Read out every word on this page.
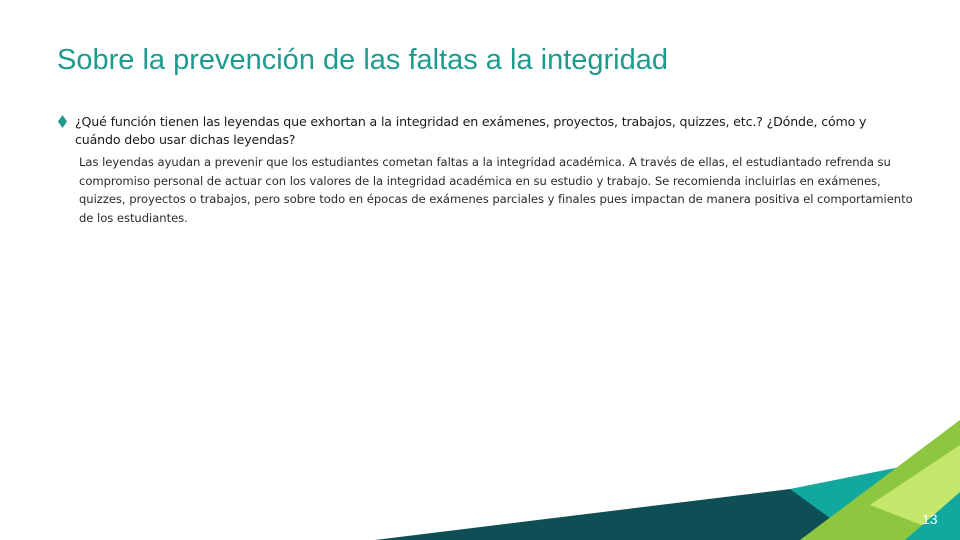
Sobre la prevención de las faltas a la integridad
¿Qué función tienen las leyendas que exhortan a la integridad en exámenes, proyectos, trabajos, quizzes, etc.? ¿Dónde, cómo y cuándo debo usar dichas leyendas?
Las leyendas ayudan a prevenir que los estudiantes cometan faltas a la integridad académica. A través de ellas, el estudiantado refrenda su compromiso personal de actuar con los valores de la integridad académica en su estudio y trabajo. Se recomienda incluirlas en exámenes, quizzes, proyectos o trabajos, pero sobre todo en épocas de exámenes parciales y finales pues impactan de manera positiva el comportamiento de los estudiantes.
13
